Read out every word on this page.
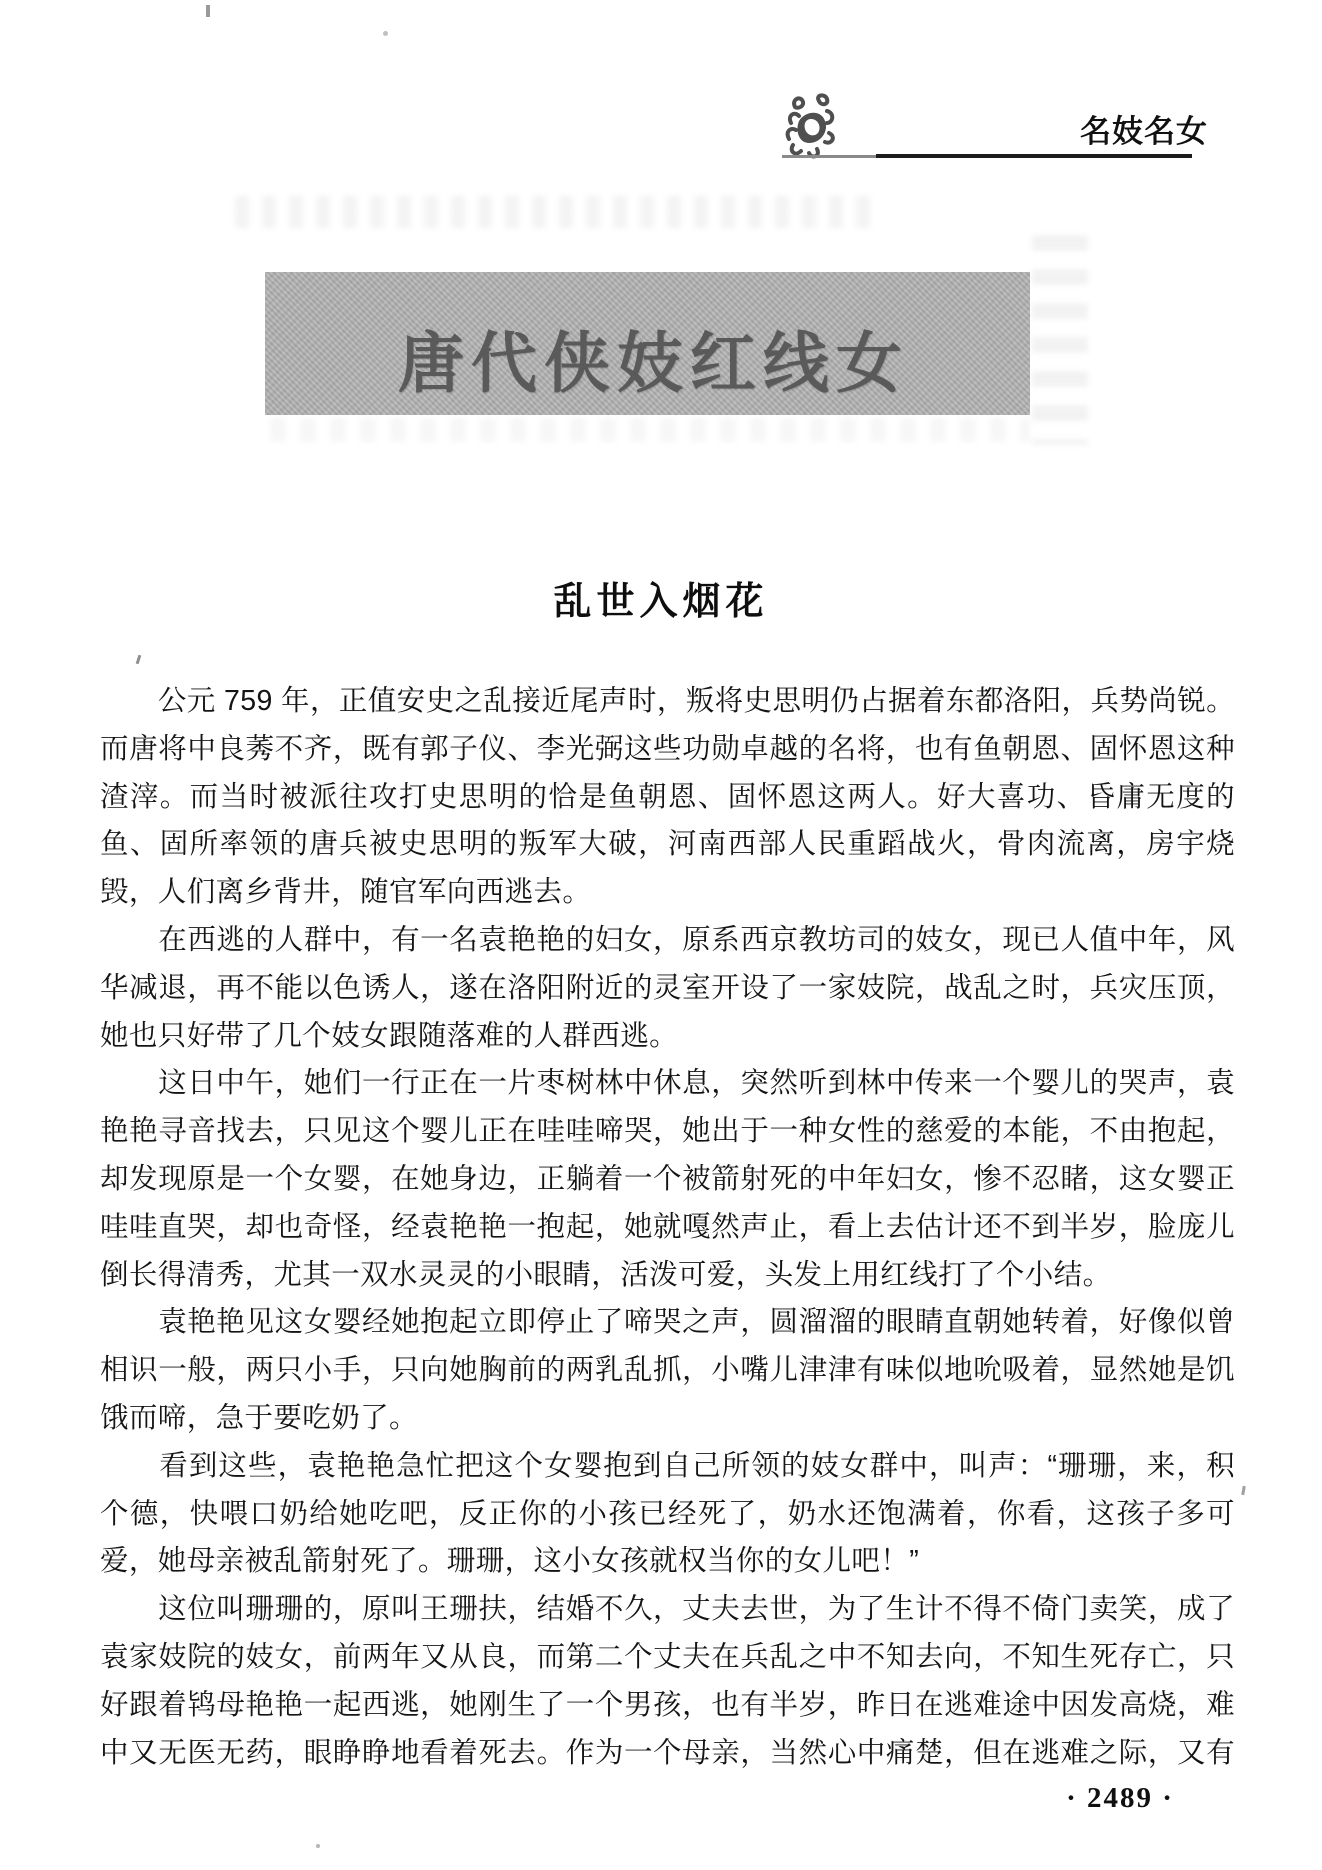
名妓名女
唐代侠妓红线女
乱世入烟花
　　公元 759 年，正值安史之乱接近尾声时，叛将史思明仍占据着东都洛阳，兵势尚锐。
而唐将中良莠不齐，既有郭子仪、李光弼这些功勋卓越的名将，也有鱼朝恩、固怀恩这种
渣滓。而当时被派往攻打史思明的恰是鱼朝恩、固怀恩这两人。好大喜功、昏庸无度的
鱼、固所率领的唐兵被史思明的叛军大破，河南西部人民重蹈战火，骨肉流离，房宇烧
毁，人们离乡背井，随官军向西逃去。
　　在西逃的人群中，有一名袁艳艳的妇女，原系西京教坊司的妓女，现已人值中年，风
华减退，再不能以色诱人，遂在洛阳附近的灵室开设了一家妓院，战乱之时，兵灾压顶，
她也只好带了几个妓女跟随落难的人群西逃。
　　这日中午，她们一行正在一片枣树林中休息，突然听到林中传来一个婴儿的哭声，袁
艳艳寻音找去，只见这个婴儿正在哇哇啼哭，她出于一种女性的慈爱的本能，不由抱起，
却发现原是一个女婴，在她身边，正躺着一个被箭射死的中年妇女，惨不忍睹，这女婴正
哇哇直哭，却也奇怪，经袁艳艳一抱起，她就嘎然声止，看上去估计还不到半岁，脸庞儿
倒长得清秀，尤其一双水灵灵的小眼睛，活泼可爱，头发上用红线打了个小结。
　　袁艳艳见这女婴经她抱起立即停止了啼哭之声，圆溜溜的眼睛直朝她转着，好像似曾
相识一般，两只小手，只向她胸前的两乳乱抓，小嘴儿津津有味似地吮吸着，显然她是饥
饿而啼，急于要吃奶了。
　　看到这些，袁艳艳急忙把这个女婴抱到自己所领的妓女群中，叫声：“珊珊，来，积
个德，快喂口奶给她吃吧，反正你的小孩已经死了，奶水还饱满着，你看，这孩子多可
爱，她母亲被乱箭射死了。珊珊，这小女孩就权当你的女儿吧！”
　　这位叫珊珊的，原叫王珊扶，结婚不久，丈夫去世，为了生计不得不倚门卖笑，成了
袁家妓院的妓女，前两年又从良，而第二个丈夫在兵乱之中不知去向，不知生死存亡，只
好跟着鸨母艳艳一起西逃，她刚生了一个男孩，也有半岁，昨日在逃难途中因发高烧，难
中又无医无药，眼睁睁地看着死去。作为一个母亲，当然心中痛楚，但在逃难之际，又有
· 2489 ·
